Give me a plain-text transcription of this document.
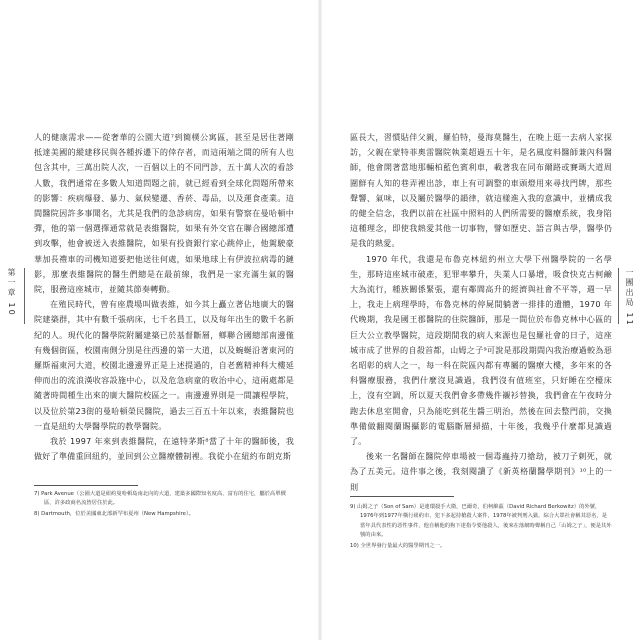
第一章 10

人的健康需求——從奢華的公園大道⁷到簡樸公寓區，甚至是居住著剛抵達美國的縱建移民與各種拆遷下的倖存者，而這兩端之間的所有人也包含其中，三萬出院人次，一百個以上的不同門診，五十萬人次的看診人數，我們通常在多數人知道問題之前，就已經看到全球化問題所帶來的影響：疾病爆發、暴力、氣候變遷、香菸、毒品，以及運食產業。這間醫院因許多事聞名，尤其是我們的急診病房，如果有警察在曼哈頓中彈，他的第一個選擇通常就是表維醫院，如果有外交官在聯合國總部遭到攻擊，他會被送入表維醫院，如果有投資銀行家心跳停止，他駕駛豪華加長禮車的司機知道要把他送往何處，如果地球上有伊波拉病毒的鏈影，那麼表維醫院的醫生們總是在最前線，我們是一家充滿生氣的醫院，服務這座城市，並隨其節奏轉動。

在殖民時代，曾有座農場叫做表維，如今其上矗立著佔地廣大的醫院建築群，其中有數千張病床，七千名員工，以及每年出生的數千名新紀的人。現代化的醫學院附屬建築已於基督斷層，鄉聯合國總部南邊僅有幾個街區，校園南側分別是往西邊的第一大道，以及蜿蜒沿著東河的羅斯福東河大道，校園北邊邊界正是上述提過的，自老舊精神科大樓延伸而出的流浪漢收容設施中心，以及危急病童的收治中心，這兩處都是隨著時間種生出來的廣大醫院校區之一。南邊邊界則是一間讓程學院，以及位於第23街的曼哈頓榮民醫院，過去三百五十年以來，表維醫院也一直是紐約大學醫學院的教學醫院。

我於 1997 年來到表維醫院，在遠特茅斯⁸當了十年的醫師後，我做好了準備重回紐約，並回到公立醫療體制裡。我從小在紐約布朗克斯

7) Park Avenue（公園大道是紐約曼哈頓島南北向的大道，建築多國際知名度高、富有的住宅，屬於高單價區，許多政商名流皆居住於此。

8) Dartmouth，位於美國東北部新罕布夏州（New Hampshire）。

區長大，習慣貼伴父親，羅伯特，曼海莫醫生，在晚上逛一去病人家探訪，父親在蒙特菲奧雷醫院執業超過五十年，是名風度料醫師兼內科醫師，他會開著當地那輛柏藍色賓利車，載著我在同布爾路或賽瑪大道周圍鮮有人知的巷弄裡出診，車上有可調整的車頭燈用來尋找門牌，那些聲響、氣味，以及屬於醫學的韻律，就這樣進入我的意識中，並構成我的健全信念，我們以前在社區中照料的人們所需要的醫療系統，我身陷這種理念，即使我熱愛其他一切事物，譬如歷史、語言與古學，醫學仍是我的熱愛。

1970 年代，我還是布魯克林紐約州立大學下州醫學院的一名學生，那時這座城市破產，犯罪率攀升，失業人口暴增，吸食快克古柯鹼大為流行，種族關係緊張，還有鄰閭高升的經濟與社會不平等，週一早上，我走上病理學時，布魯克林的停屍間躺著一排排的遺體，1970 年代晚期，我是國王郡醫院的住院醫師，那是一間位於布魯克林中心區的巨大公立教學醫院，這段期間我的病人來源也是包羅社會的日子，這座城市成了世界的自殺首都，山姆之子⁹可說是那段期間內我治療過較為惡名昭彰的病人之一，每一科在院區內都有專屬的醫療大樓，多年來的各科醫療服務，我們什麼沒見識過，我們沒有值班室，只好睡在空檯床上，沒有空調，所以夏天我們會多帶幾件襯衫替換，我們會在午夜時分跑去休息室開會，只為能吃到花生醬三明治，然後在回去整門前，交換準備做翻閱蘭賜攝影的電腦斷層掃描，十年後，我幾乎什麼都見識過了。

後來一名醫師在醫院停車場被一個毒蟲持刀搶劫，被刀子刺死，就為了五美元。這件事之後，我刻閱讀了《新英格蘭醫學期刊》¹⁰上的一則

9) 山姆之子（Son of Sam）是連環殺手大衛，巴爾奇，伯柯維茲（David Richard Berkowitz）的外號，1976年到1977年橫行紐約市，犯下多起持槍殺人案件，1978年被判刑入獄，綜合大眾社會稱其惡名，是當年具代表性的惡性事件，他自稱他的狗下達指令要他殺人，後來在落網時聲稱自己「山姆之子」，便是其外號的由來。

10) 全世界發行量最大的醫學期刊之一。

一團出局 11
